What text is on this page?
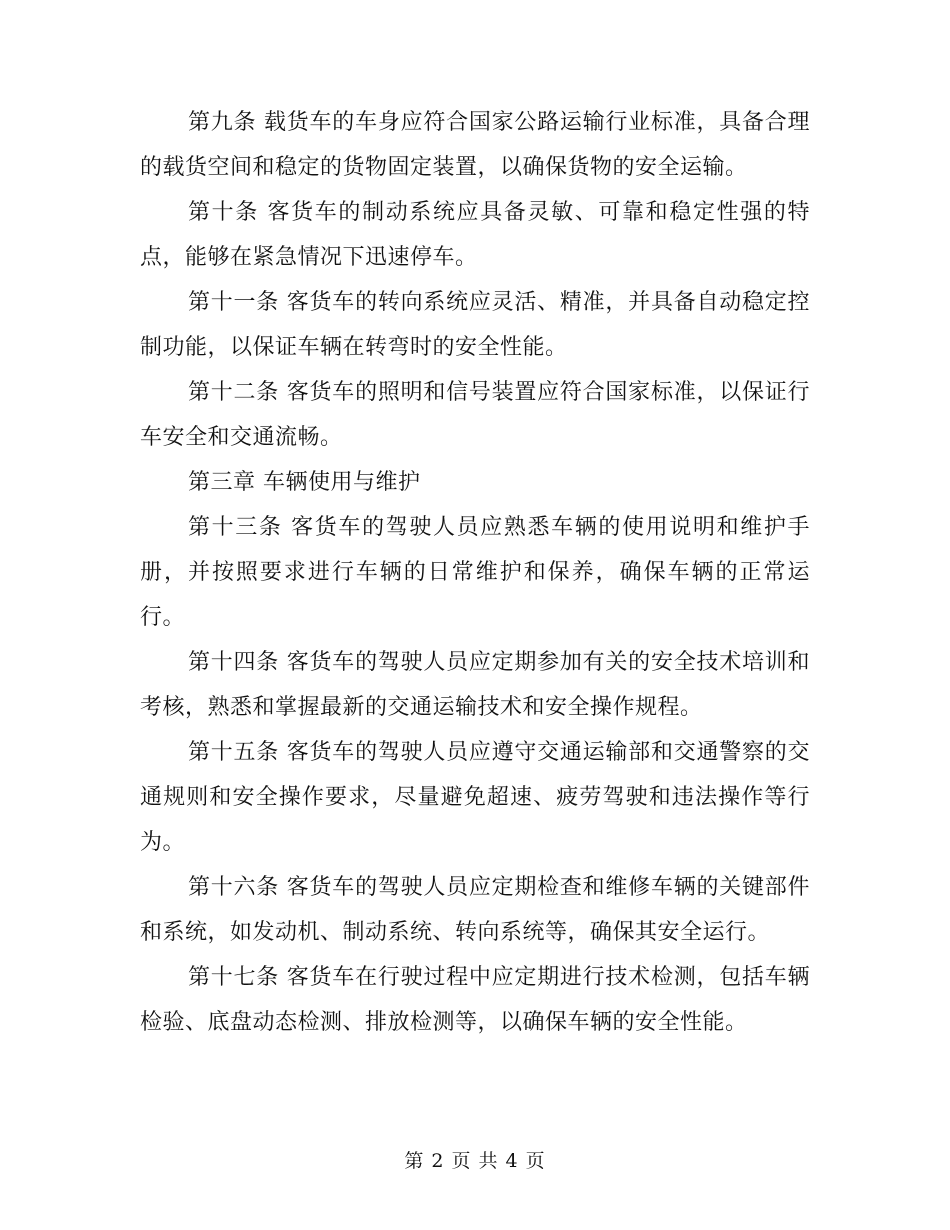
第九条 载货车的车身应符合国家公路运输行业标准，具备合理的载货空间和稳定的货物固定装置，以确保货物的安全运输。

第十条 客货车的制动系统应具备灵敏、可靠和稳定性强的特点，能够在紧急情况下迅速停车。

第十一条 客货车的转向系统应灵活、精准，并具备自动稳定控制功能，以保证车辆在转弯时的安全性能。

第十二条 客货车的照明和信号装置应符合国家标准，以保证行车安全和交通流畅。

第三章 车辆使用与维护

第十三条 客货车的驾驶人员应熟悉车辆的使用说明和维护手册，并按照要求进行车辆的日常维护和保养，确保车辆的正常运行。

第十四条 客货车的驾驶人员应定期参加有关的安全技术培训和考核，熟悉和掌握最新的交通运输技术和安全操作规程。

第十五条 客货车的驾驶人员应遵守交通运输部和交通警察的交通规则和安全操作要求，尽量避免超速、疲劳驾驶和违法操作等行为。

第十六条 客货车的驾驶人员应定期检查和维修车辆的关键部件和系统，如发动机、制动系统、转向系统等，确保其安全运行。

第十七条 客货车在行驶过程中应定期进行技术检测，包括车辆检验、底盘动态检测、排放检测等，以确保车辆的安全性能。

第 2 页 共 4 页
